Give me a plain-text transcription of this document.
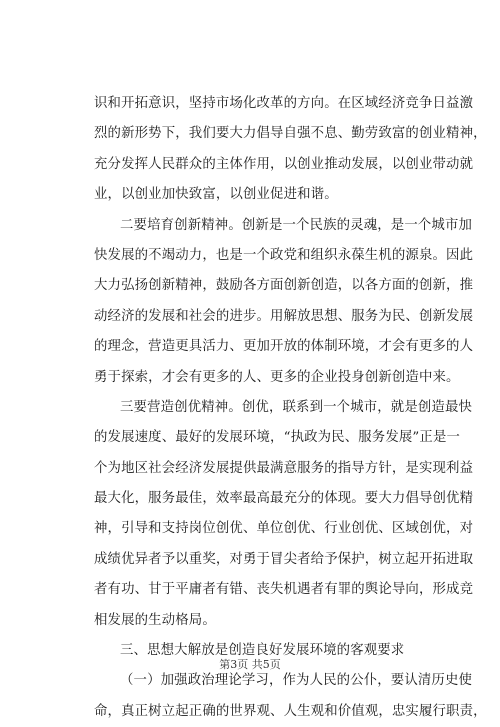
识和开拓意识，坚持市场化改革的方向。在区域经济竞争日益激
烈的新形势下，我们要大力倡导自强不息、勤劳致富的创业精神，
充分发挥人民群众的主体作用，以创业推动发展，以创业带动就
业，以创业加快致富，以创业促进和谐。
二要培育创新精神。创新是一个民族的灵魂，是一个城市加
快发展的不竭动力，也是一个政党和组织永葆生机的源泉。因此
大力弘扬创新精神，鼓励各方面创新创造，以各方面的创新，推
动经济的发展和社会的进步。用解放思想、服务为民、创新发展
的理念，营造更具活力、更加开放的体制环境，才会有更多的人
勇于探索，才会有更多的人、更多的企业投身创新创造中来。
三要营造创优精神。创优，联系到一个城市，就是创造最快
的发展速度、最好的发展环境，“执政为民、服务发展”正是一
个为地区社会经济发展提供最满意服务的指导方针，是实现利益
最大化，服务最佳，效率最高最充分的体现。要大力倡导创优精
神，引导和支持岗位创优、单位创优、行业创优、区域创优，对
成绩优异者予以重奖，对勇于冒尖者给予保护，树立起开拓进取
者有功、甘于平庸者有错、丧失机遇者有罪的舆论导向，形成竞
相发展的生动格局。
三、思想大解放是创造良好发展环境的客观要求
（一）加强政治理论学习，作为人民的公仆，要认清历史使
命，真正树立起正确的世界观、人生观和价值观，忠实履行职责，
第3页 共5页
